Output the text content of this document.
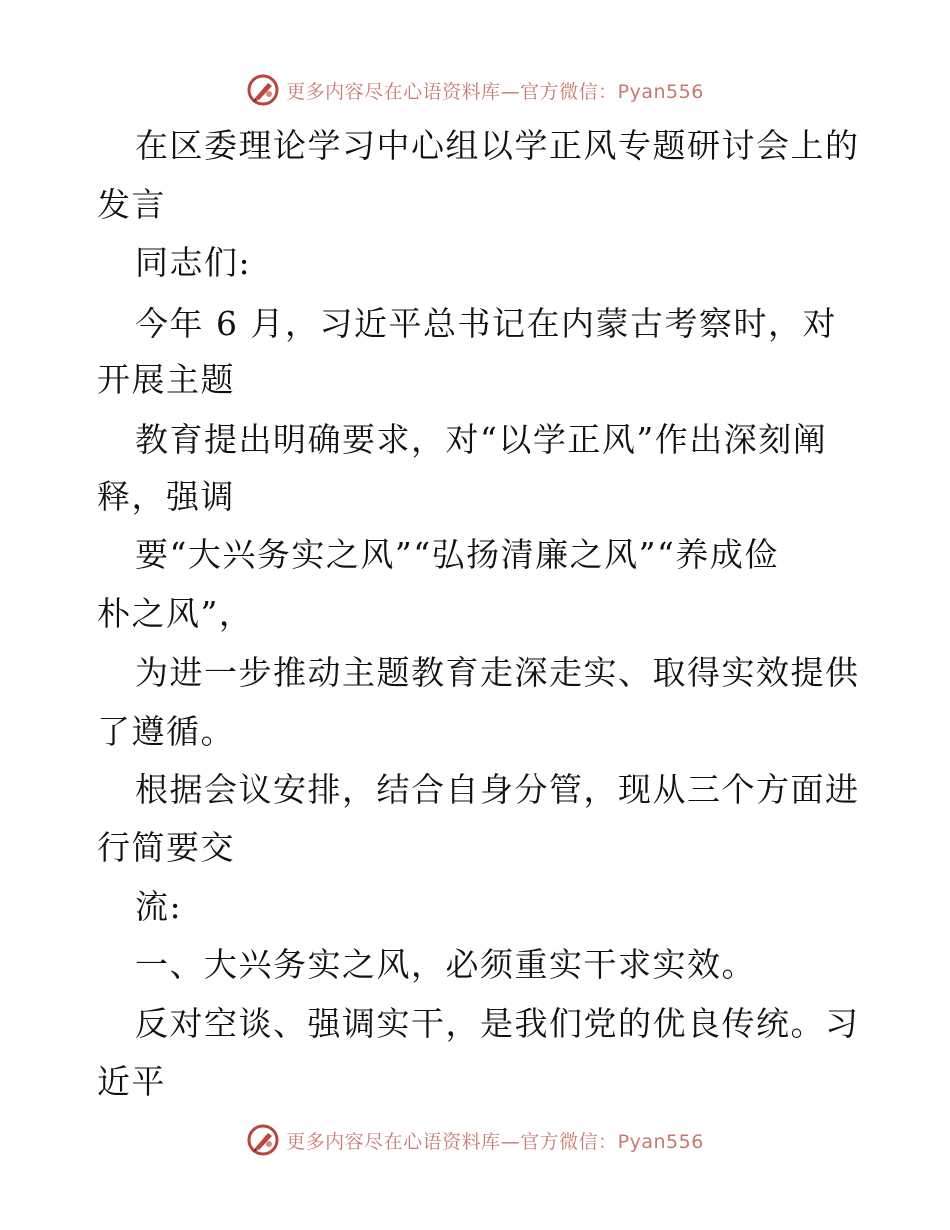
更多内容尽在心语资料库—官方微信：Pyan556
在区委理论学习中心组以学正风专题研讨会上的
发言
同志们:
今年 6 月，习近平总书记在内蒙古考察时，对
开展主题
教育提出明确要求，对“以学正风”作出深刻阐
释，强调
要“大兴务实之风”“弘扬清廉之风”“养成俭
朴之风”，
为进一步推动主题教育走深走实、取得实效提供
了遵循。
根据会议安排，结合自身分管，现从三个方面进
行简要交
流:
一、大兴务实之风，必须重实干求实效。
反对空谈、强调实干，是我们党的优良传统。习
近平
更多内容尽在心语资料库—官方微信：Pyan556
